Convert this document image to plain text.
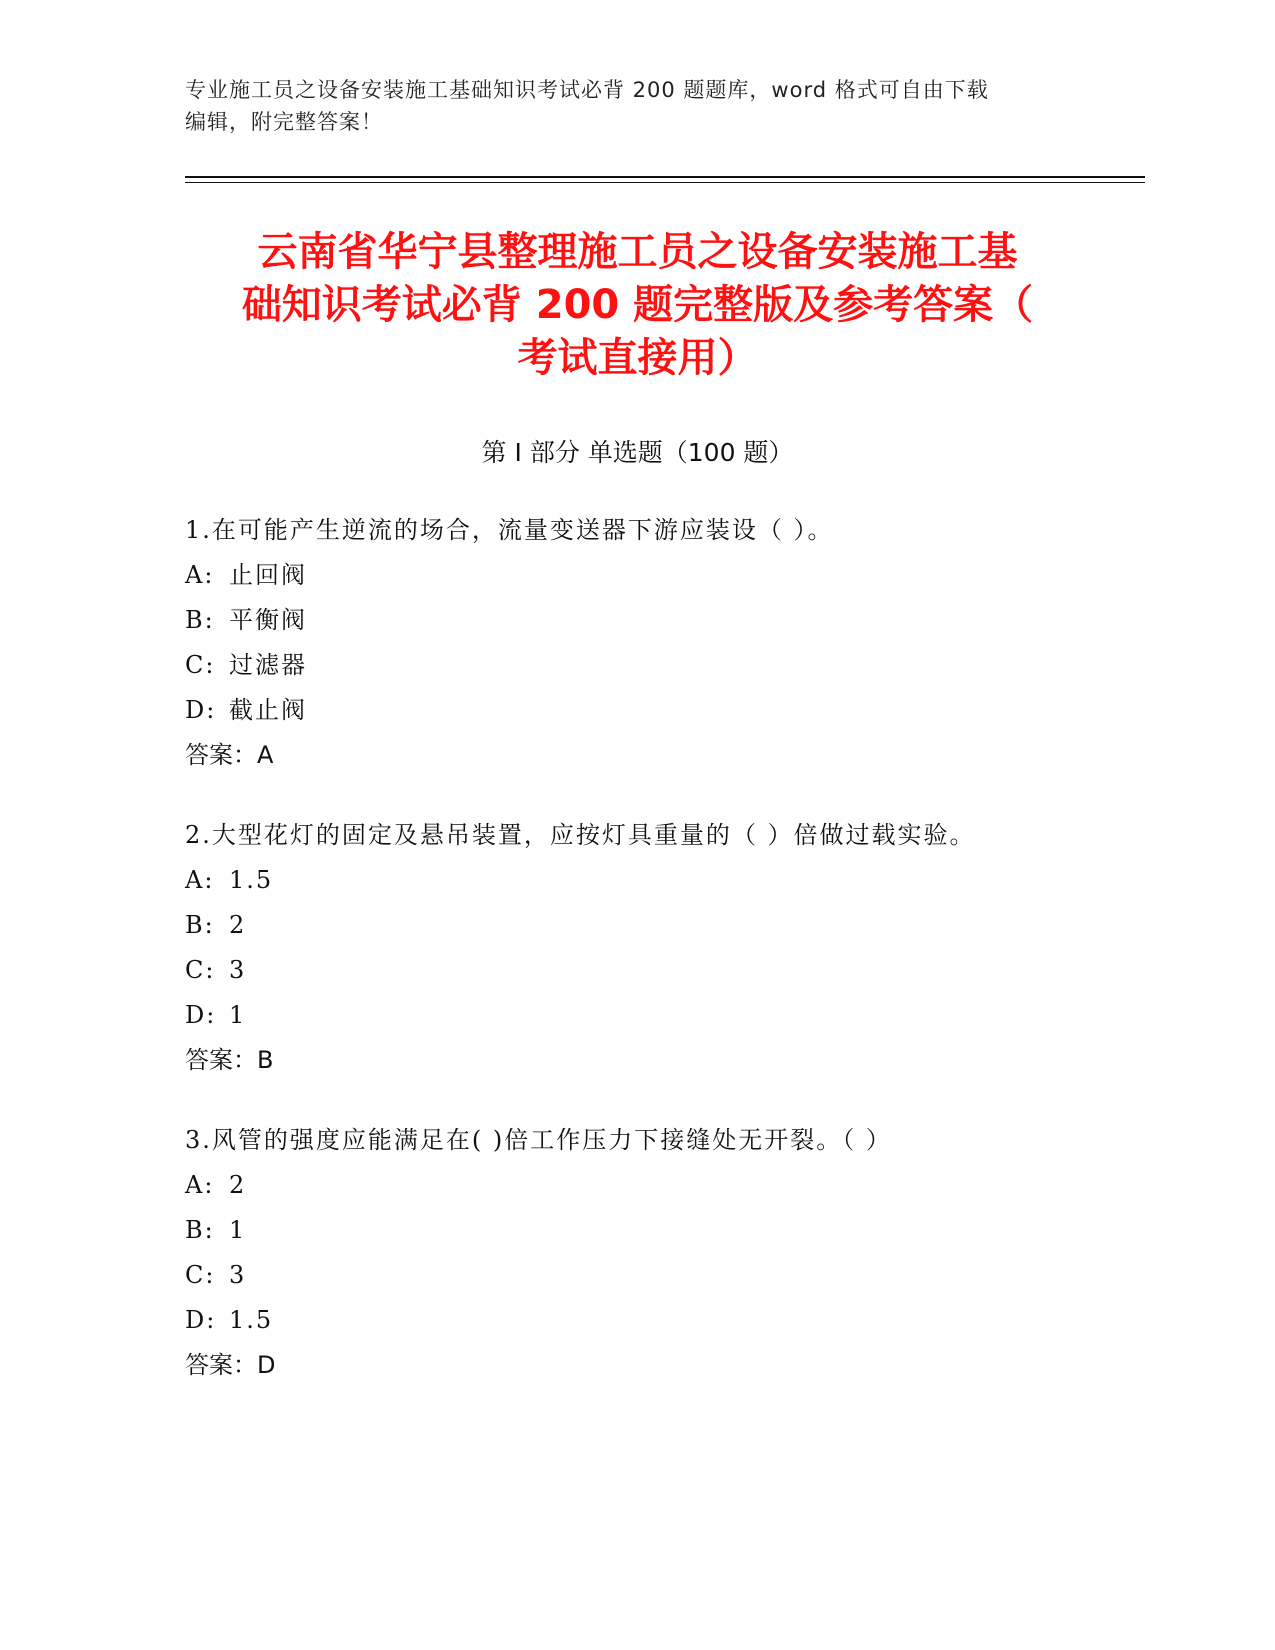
专业施工员之设备安装施工基础知识考试必背 200 题题库，word 格式可自由下载
编辑，附完整答案！
云南省华宁县整理施工员之设备安装施工基
础知识考试必背 200 题完整版及参考答案（
考试直接用）
第 I 部分 单选题（100 题）
1.在可能产生逆流的场合，流量变送器下游应装设（ ）。
A: 止回阀
B: 平衡阀
C: 过滤器
D: 截止阀
答案：A
2.大型花灯的固定及悬吊装置，应按灯具重量的（ ）倍做过载实验。
A: 1.5
B: 2
C: 3
D: 1
答案：B
3.风管的强度应能满足在( )倍工作压力下接缝处无开裂。（ ）
A: 2
B: 1
C: 3
D: 1.5
答案：D
